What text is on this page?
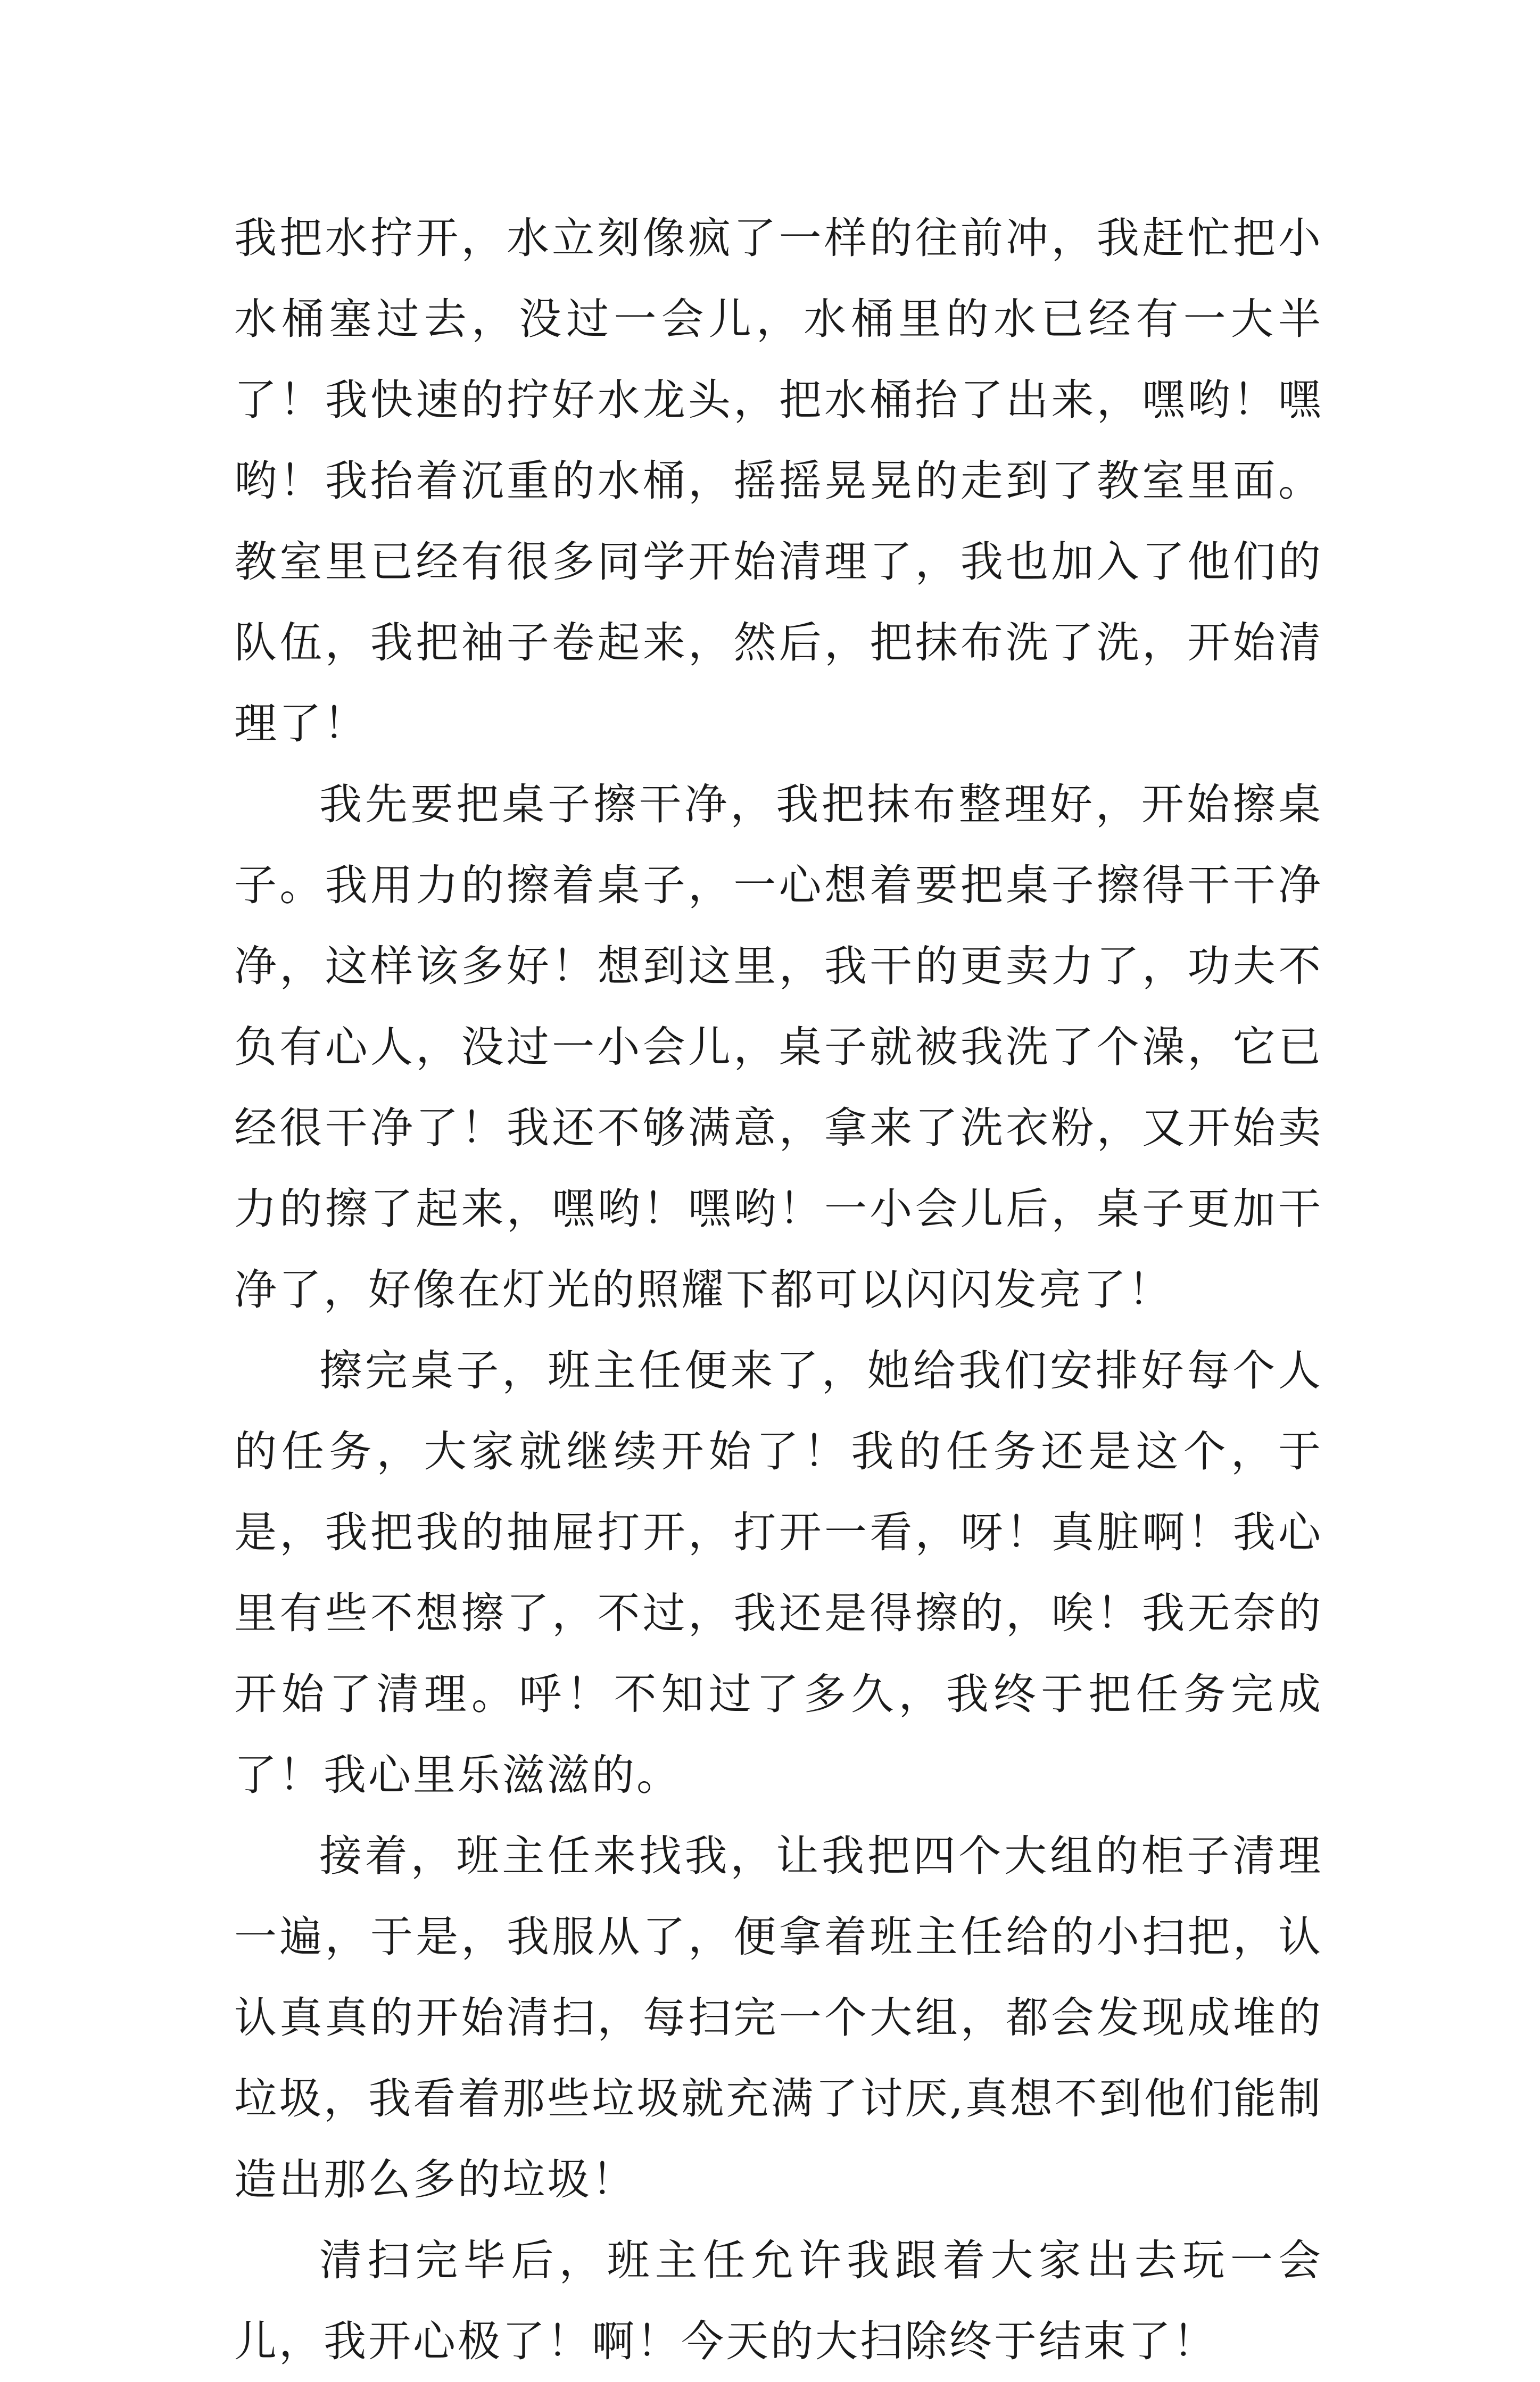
我把水拧开，水立刻像疯了一样的往前冲，我赶忙把小水桶塞过去，没过一会儿，水桶里的水已经有一大半了！我快速的拧好水龙头，把水桶抬了出来，嘿哟！嘿哟！我抬着沉重的水桶，摇摇晃晃的走到了教室里面。教室里已经有很多同学开始清理了，我也加入了他们的队伍，我把袖子卷起来，然后，把抹布洗了洗，开始清理了！

我先要把桌子擦干净，我把抹布整理好，开始擦桌子。我用力的擦着桌子，一心想着要把桌子擦得干干净净，这样该多好！想到这里，我干的更卖力了，功夫不负有心人，没过一小会儿，桌子就被我洗了个澡，它已经很干净了！我还不够满意，拿来了洗衣粉，又开始卖力的擦了起来，嘿哟！嘿哟！一小会儿后，桌子更加干净了，好像在灯光的照耀下都可以闪闪发亮了！

擦完桌子，班主任便来了，她给我们安排好每个人的任务，大家就继续开始了！我的任务还是这个，于是，我把我的抽屉打开，打开一看，呀！真脏啊！我心里有些不想擦了，不过，我还是得擦的，唉！我无奈的开始了清理。呼！不知过了多久，我终于把任务完成了！我心里乐滋滋的。

接着，班主任来找我，让我把四个大组的柜子清理一遍，于是，我服从了，便拿着班主任给的小扫把，认认真真的开始清扫，每扫完一个大组，都会发现成堆的垃圾，我看着那些垃圾就充满了讨厌,真想不到他们能制造出那么多的垃圾！

清扫完毕后，班主任允许我跟着大家出去玩一会儿，我开心极了！啊！今天的大扫除终于结束了！
